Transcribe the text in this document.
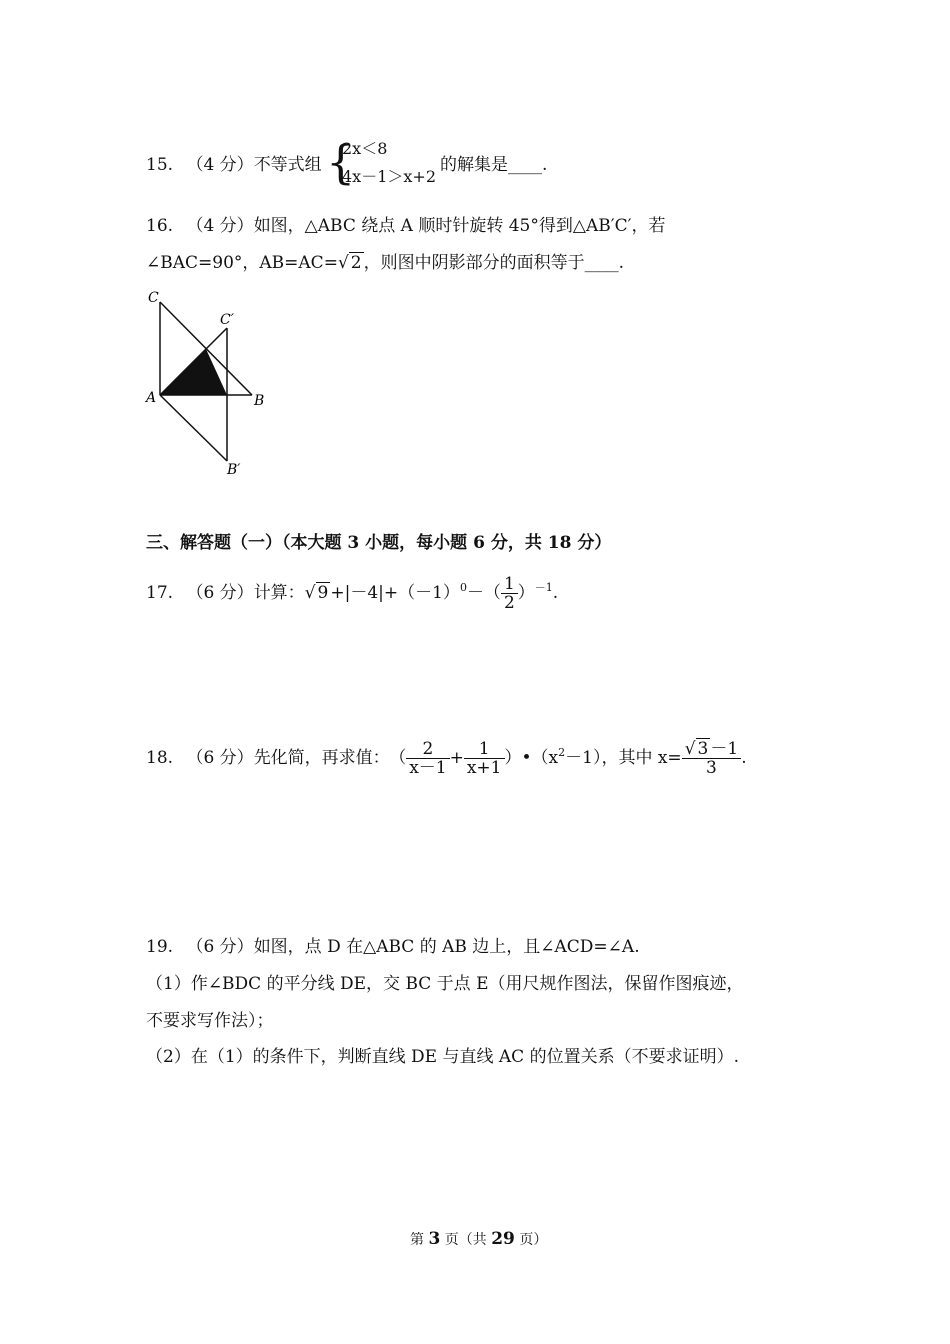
15. （4 分）不等式组 {
2x＜8
4x－1＞x+2
的解集是____.
16. （4 分）如图，△ABC 绕点 A 顺时针旋转 45°得到△AB′C′，若
∠BAC=90°，AB=AC=√ 2 ，则图中阴影部分的面积等于____.
C
C′
A	B
B′
三、解答题（一）（本大题 3 小题，每小题 6 分，共 18 分）
17. （6 分）计算：√ $9 +|-4|+(-1)^0-( \frac{1}{2} )^{-1}$.
18. （6 分）先化简，再求值： （ $\frac{2}{x-1} + \frac{1}{x+1}$ ）$•(x^2-1)$，其中 $x= \frac{√ 3 -1}{3}$ .
19. （6 分）如图，点 D 在△ABC 的 AB 边上，且∠ACD=∠A.
（1）作∠BDC 的平分线 DE，交 BC 于点 E（用尺规作图法，保留作图痕迹，
不要求写作法）；
（2）在（1）的条件下，判断直线 DE 与直线 AC 的位置关系（不要求证明）.
第 3 页（共 29 页）
